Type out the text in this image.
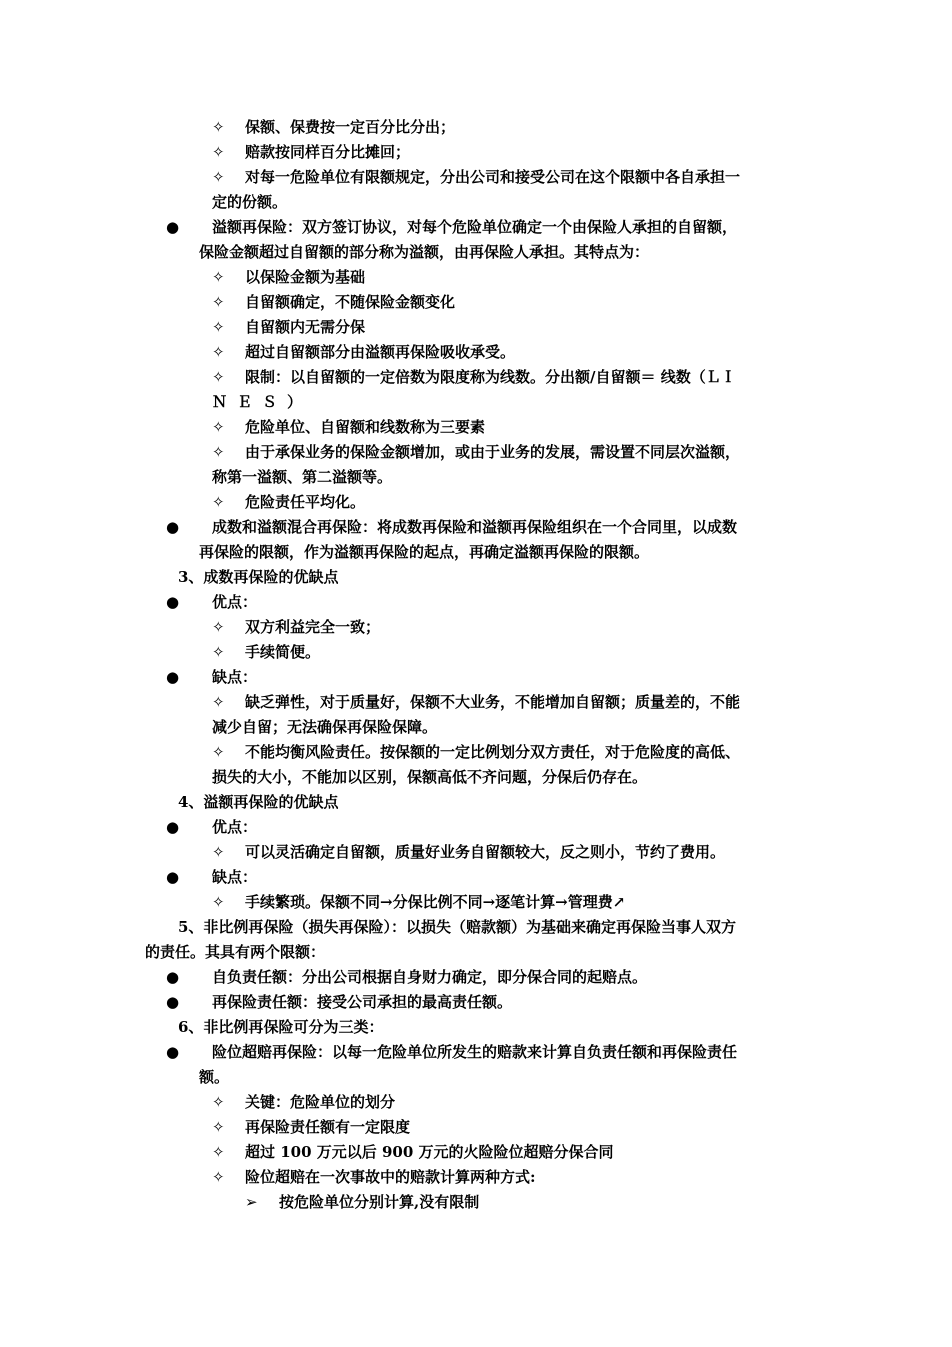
✧ 保额、保费按一定百分比分出；
✧ 赔款按同样百分比摊回；
✧ 对每一危险单位有限额规定，分出公司和接受公司在这个限额中各自承担一
定的份额。
● 溢额再保险：双方签订协议，对每个危险单位确定一个由保险人承担的自留额，
保险金额超过自留额的部分称为溢额，由再保险人承担。其特点为：
✧ 以保险金额为基础
✧ 自留额确定，不随保险金额变化
✧ 自留额内无需分保
✧ 超过自留额部分由溢额再保险吸收承受。
✧ 限制：以自留额的一定倍数为限度称为线数。分出额/自留额＝ 线数（ＬＩ
ＮＥＳ）
✧ 危险单位、自留额和线数称为三要素
✧ 由于承保业务的保险金额增加，或由于业务的发展，需设置不同层次溢额，
称第一溢额、第二溢额等。
✧ 危险责任平均化。
● 成数和溢额混合再保险：将成数再保险和溢额再保险组织在一个合同里，以成数
再保险的限额，作为溢额再保险的起点，再确定溢额再保险的限额。
3、成数再保险的优缺点
● 优点：
✧ 双方利益完全一致；
✧ 手续简便。
● 缺点：
✧ 缺乏弹性，对于质量好，保额不大业务，不能增加自留额；质量差的，不能
减少自留；无法确保再保险保障。
✧ 不能均衡风险责任。按保额的一定比例划分双方责任，对于危险度的高低、
损失的大小，不能加以区别，保额高低不齐问题，分保后仍存在。
4、溢额再保险的优缺点
● 优点：
✧ 可以灵活确定自留额，质量好业务自留额较大，反之则小，节约了费用。
● 缺点：
✧ 手续繁琐。保额不同→分保比例不同→逐笔计算→管理费↗
5、非比例再保险（损失再保险）：以损失（赔款额）为基础来确定再保险当事人双方
的责任。其具有两个限额：
● 自负责任额：分出公司根据自身财力确定，即分保合同的起赔点。
● 再保险责任额：接受公司承担的最高责任额。
6、非比例再保险可分为三类：
● 险位超赔再保险：以每一危险单位所发生的赔款来计算自负责任额和再保险责任
额。
✧ 关键：危险单位的划分
✧ 再保险责任额有一定限度
✧ 超过 100 万元以后 900 万元的火险险位超赔分保合同
✧ 险位超赔在一次事故中的赔款计算两种方式:
➢ 按危险单位分别计算,没有限制
